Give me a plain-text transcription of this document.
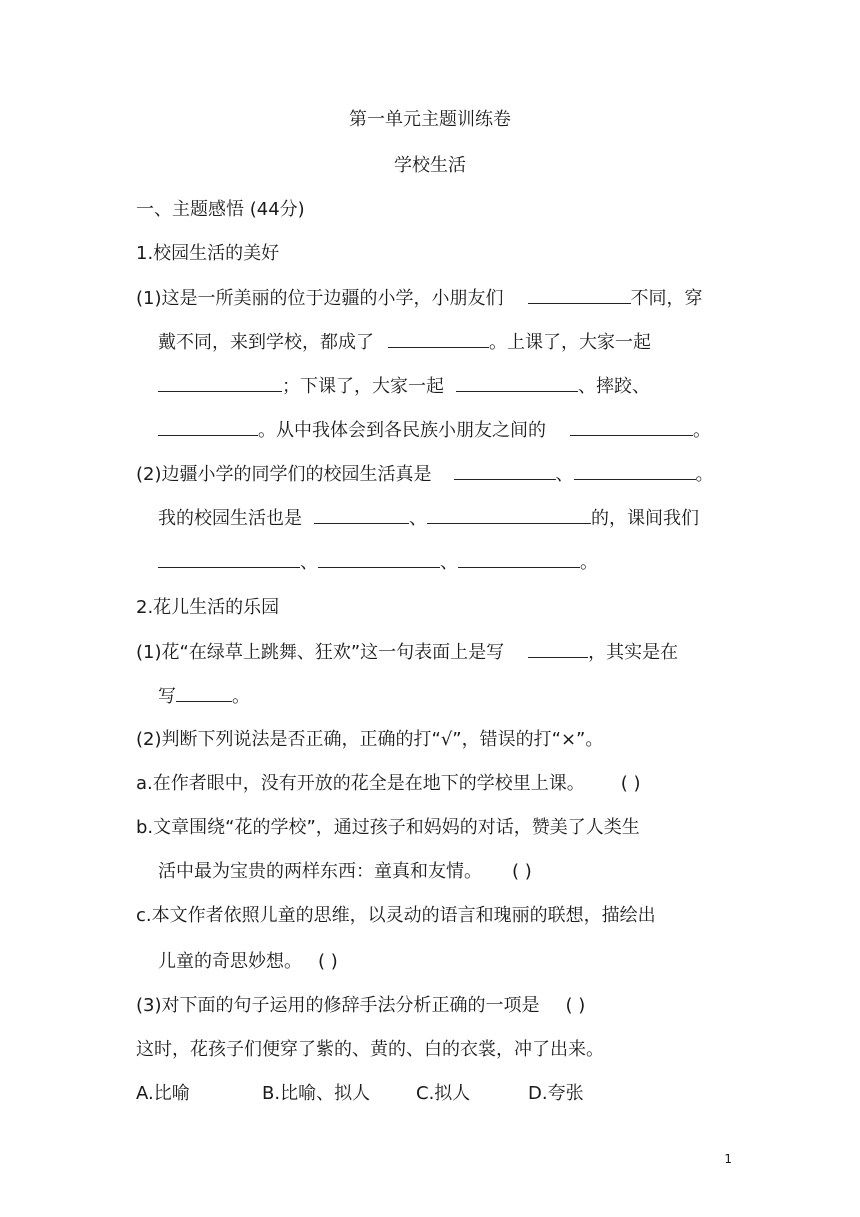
第一单元主题训练卷
学校生活
一、主题感悟 (44分)
1.校园生活的美好
(1)这是一所美丽的位于边疆的小学，小朋友们	不同，穿
戴不同，来到学校，都成了	。上课了，大家一起
；下课了，大家一起	、摔跤、
。从中我体会到各民族小朋友之间的	。
(2)边疆小学的同学们的校园生活真是	、	。
我的校园生活也是	、	的，课间我们
、	、	。
2.花儿生活的乐园
(1)花“在绿草上跳舞、狂欢”这一句表面上是写	，其实是在
写	。
(2)判断下列说法是否正确，正确的打“√”，错误的打“×”。
a.在作者眼中，没有开放的花全是在地下的学校里上课。 ( )
b.文章围绕“花的学校”，通过孩子和妈妈的对话，赞美了人类生
活中最为宝贵的两样东西：童真和友情。 ( )
c.本文作者依照儿童的思维，以灵动的语言和瑰丽的联想，描绘出
儿童的奇思妙想。 ( )
(3)对下面的句子运用的修辞手法分析正确的一项是 ( )
这时，花孩子们便穿了紫的、黄的、白的衣裳，冲了出来。
A.比喻	B.比喻、拟人	C.拟人	D.夸张
1
